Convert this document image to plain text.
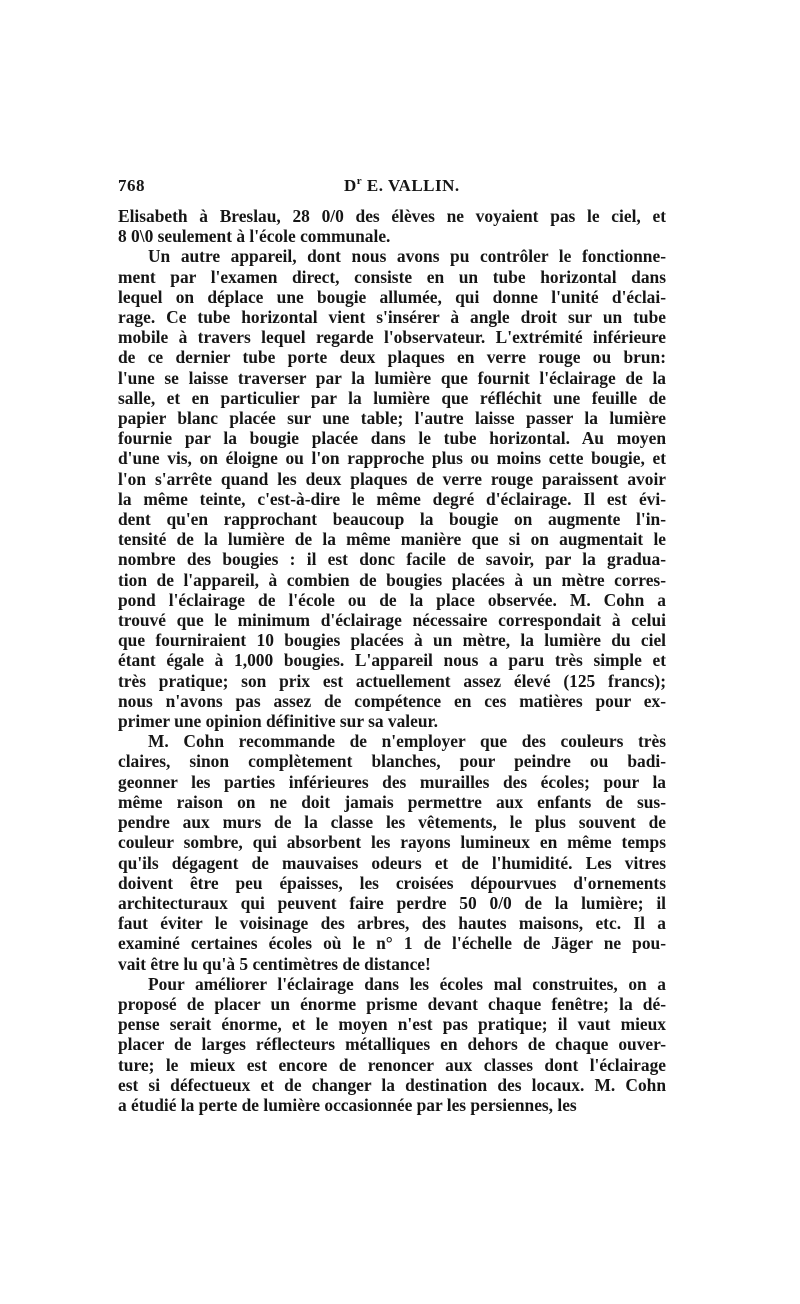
768	$D^r$ E. VALLIN.

Elisabeth à Breslau, 28 0/0 des élèves ne voyaient pas le ciel, et
8 0\0 seulement à l'école communale.

Un autre appareil, dont nous avons pu contrôler le fonctionne-
ment par l'examen direct, consiste en un tube horizontal dans
lequel on déplace une bougie allumée, qui donne l'unité d'éclai-
rage. Ce tube horizontal vient s'insérer à angle droit sur un tube
mobile à travers lequel regarde l'observateur. L'extrémité inférieure
de ce dernier tube porte deux plaques en verre rouge ou brun:
l'une se laisse traverser par la lumière que fournit l'éclairage de la
salle, et en particulier par la lumière que réfléchit une feuille de
papier blanc placée sur une table; l'autre laisse passer la lumière
fournie par la bougie placée dans le tube horizontal. Au moyen
d'une vis, on éloigne ou l'on rapproche plus ou moins cette bougie, et
l'on s'arrête quand les deux plaques de verre rouge paraissent avoir
la même teinte, c'est-à-dire le même degré d'éclairage. Il est évi-
dent qu'en rapprochant beaucoup la bougie on augmente l'in-
tensité de la lumière de la même manière que si on augmentait le
nombre des bougies : il est donc facile de savoir, par la gradua-
tion de l'appareil, à combien de bougies placées à un mètre corres-
pond l'éclairage de l'école ou de la place observée. M. Cohn a
trouvé que le minimum d'éclairage nécessaire correspondait à celui
que fourniraient 10 bougies placées à un mètre, la lumière du ciel
étant égale à 1,000 bougies. L'appareil nous a paru très simple et
très pratique; son prix est actuellement assez élevé (125 francs);
nous n'avons pas assez de compétence en ces matières pour ex-
primer une opinion définitive sur sa valeur.

M. Cohn recommande de n'employer que des couleurs très
claires, sinon complètement blanches, pour peindre ou badi-
geonner les parties inférieures des murailles des écoles; pour la
même raison on ne doit jamais permettre aux enfants de sus-
pendre aux murs de la classe les vêtements, le plus souvent de
couleur sombre, qui absorbent les rayons lumineux en même temps
qu'ils dégagent de mauvaises odeurs et de l'humidité. Les vitres
doivent être peu épaisses, les croisées dépourvues d'ornements
architecturaux qui peuvent faire perdre 50 0/0 de la lumière; il
faut éviter le voisinage des arbres, des hautes maisons, etc. Il a
examiné certaines écoles où le n° 1 de l'échelle de Jäger ne pou-
vait être lu qu'à 5 centimètres de distance!

Pour améliorer l'éclairage dans les écoles mal construites, on a
proposé de placer un énorme prisme devant chaque fenêtre; la dé-
pense serait énorme, et le moyen n'est pas pratique; il vaut mieux
placer de larges réflecteurs métalliques en dehors de chaque ouver-
ture; le mieux est encore de renoncer aux classes dont l'éclairage
est si défectueux et de changer la destination des locaux. M. Cohn
a étudié la perte de lumière occasionnée par les persiennes, les
